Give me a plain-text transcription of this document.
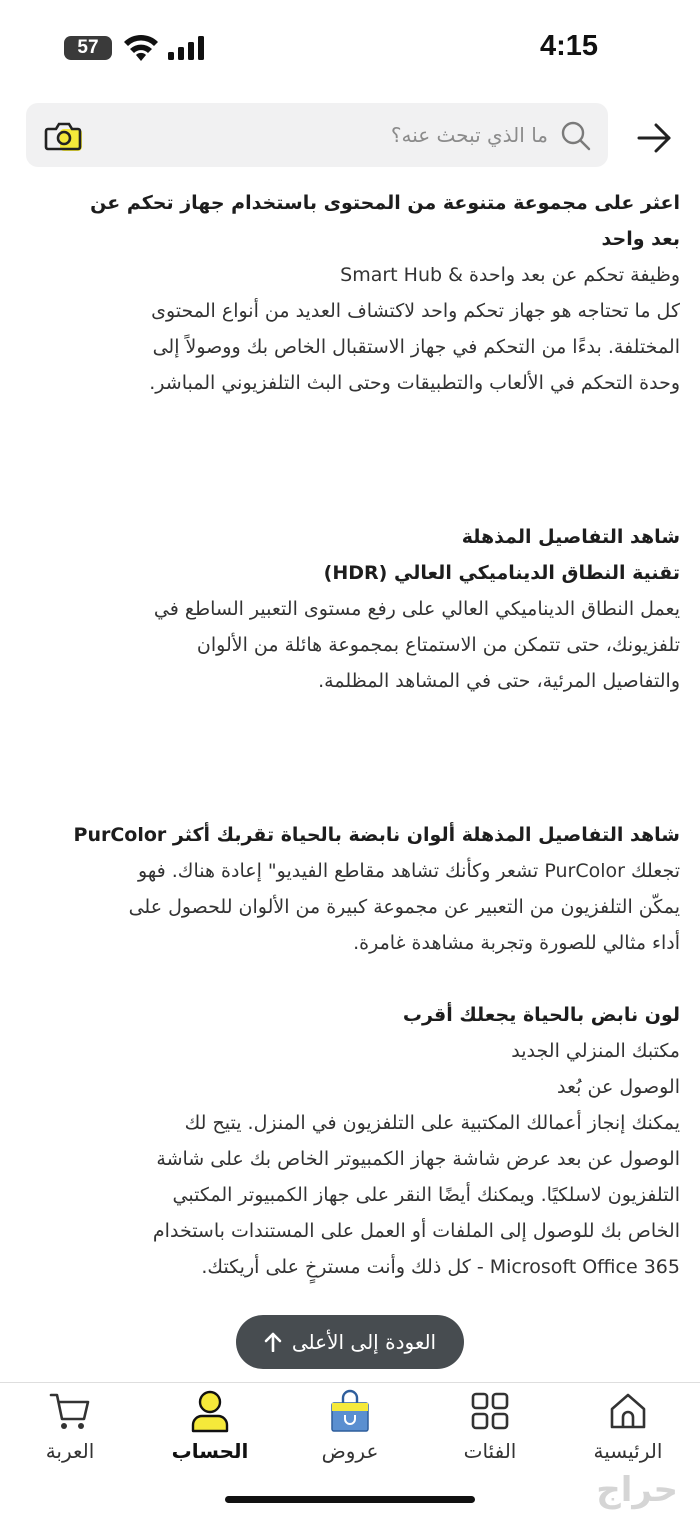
57	4:15
ما الذي تبحث عنه؟
اعثر على مجموعة متنوعة من المحتوى باستخدام جهاز تحكم عن
بعد واحد
وظيفة تحكم عن بعد واحدة & Smart Hub
كل ما تحتاجه هو جهاز تحكم واحد لاكتشاف العديد من أنواع المحتوى
المختلفة. بدءًا من التحكم في جهاز الاستقبال الخاص بك ووصولاً إلى
وحدة التحكم في الألعاب والتطبيقات وحتى البث التلفزيوني المباشر.
شاهد التفاصيل المذهلة
تقنية النطاق الديناميكي العالي (HDR)
يعمل النطاق الديناميكي العالي على رفع مستوى التعبير الساطع في
تلفزيونك، حتى تتمكن من الاستمتاع بمجموعة هائلة من الألوان
والتفاصيل المرئية، حتى في المشاهد المظلمة.
شاهد التفاصيل المذهلة ألوان نابضة بالحياة تقربك أكثر PurColor
تجعلك PurColor تشعر وكأنك تشاهد مقاطع الفيديو" إعادة هناك. فهو
يمكّن التلفزيون من التعبير عن مجموعة كبيرة من الألوان للحصول على
أداء مثالي للصورة وتجربة مشاهدة غامرة.
لون نابض بالحياة يجعلك أقرب
مكتبك المنزلي الجديد
الوصول عن بُعد
يمكنك إنجاز أعمالك المكتبية على التلفزيون في المنزل. يتيح لك
الوصول عن بعد عرض شاشة جهاز الكمبيوتر الخاص بك على شاشة
التلفزيون لاسلكيًا. ويمكنك أيضًا النقر على جهاز الكمبيوتر المكتبي
الخاص بك للوصول إلى الملفات أو العمل على المستندات باستخدام
Microsoft Office 365 - كل ذلك وأنت مسترخٍ على أريكتك.
العودة إلى الأعلى
الرئيسية
الفئات
عروض
الحساب
العربة
حراج
